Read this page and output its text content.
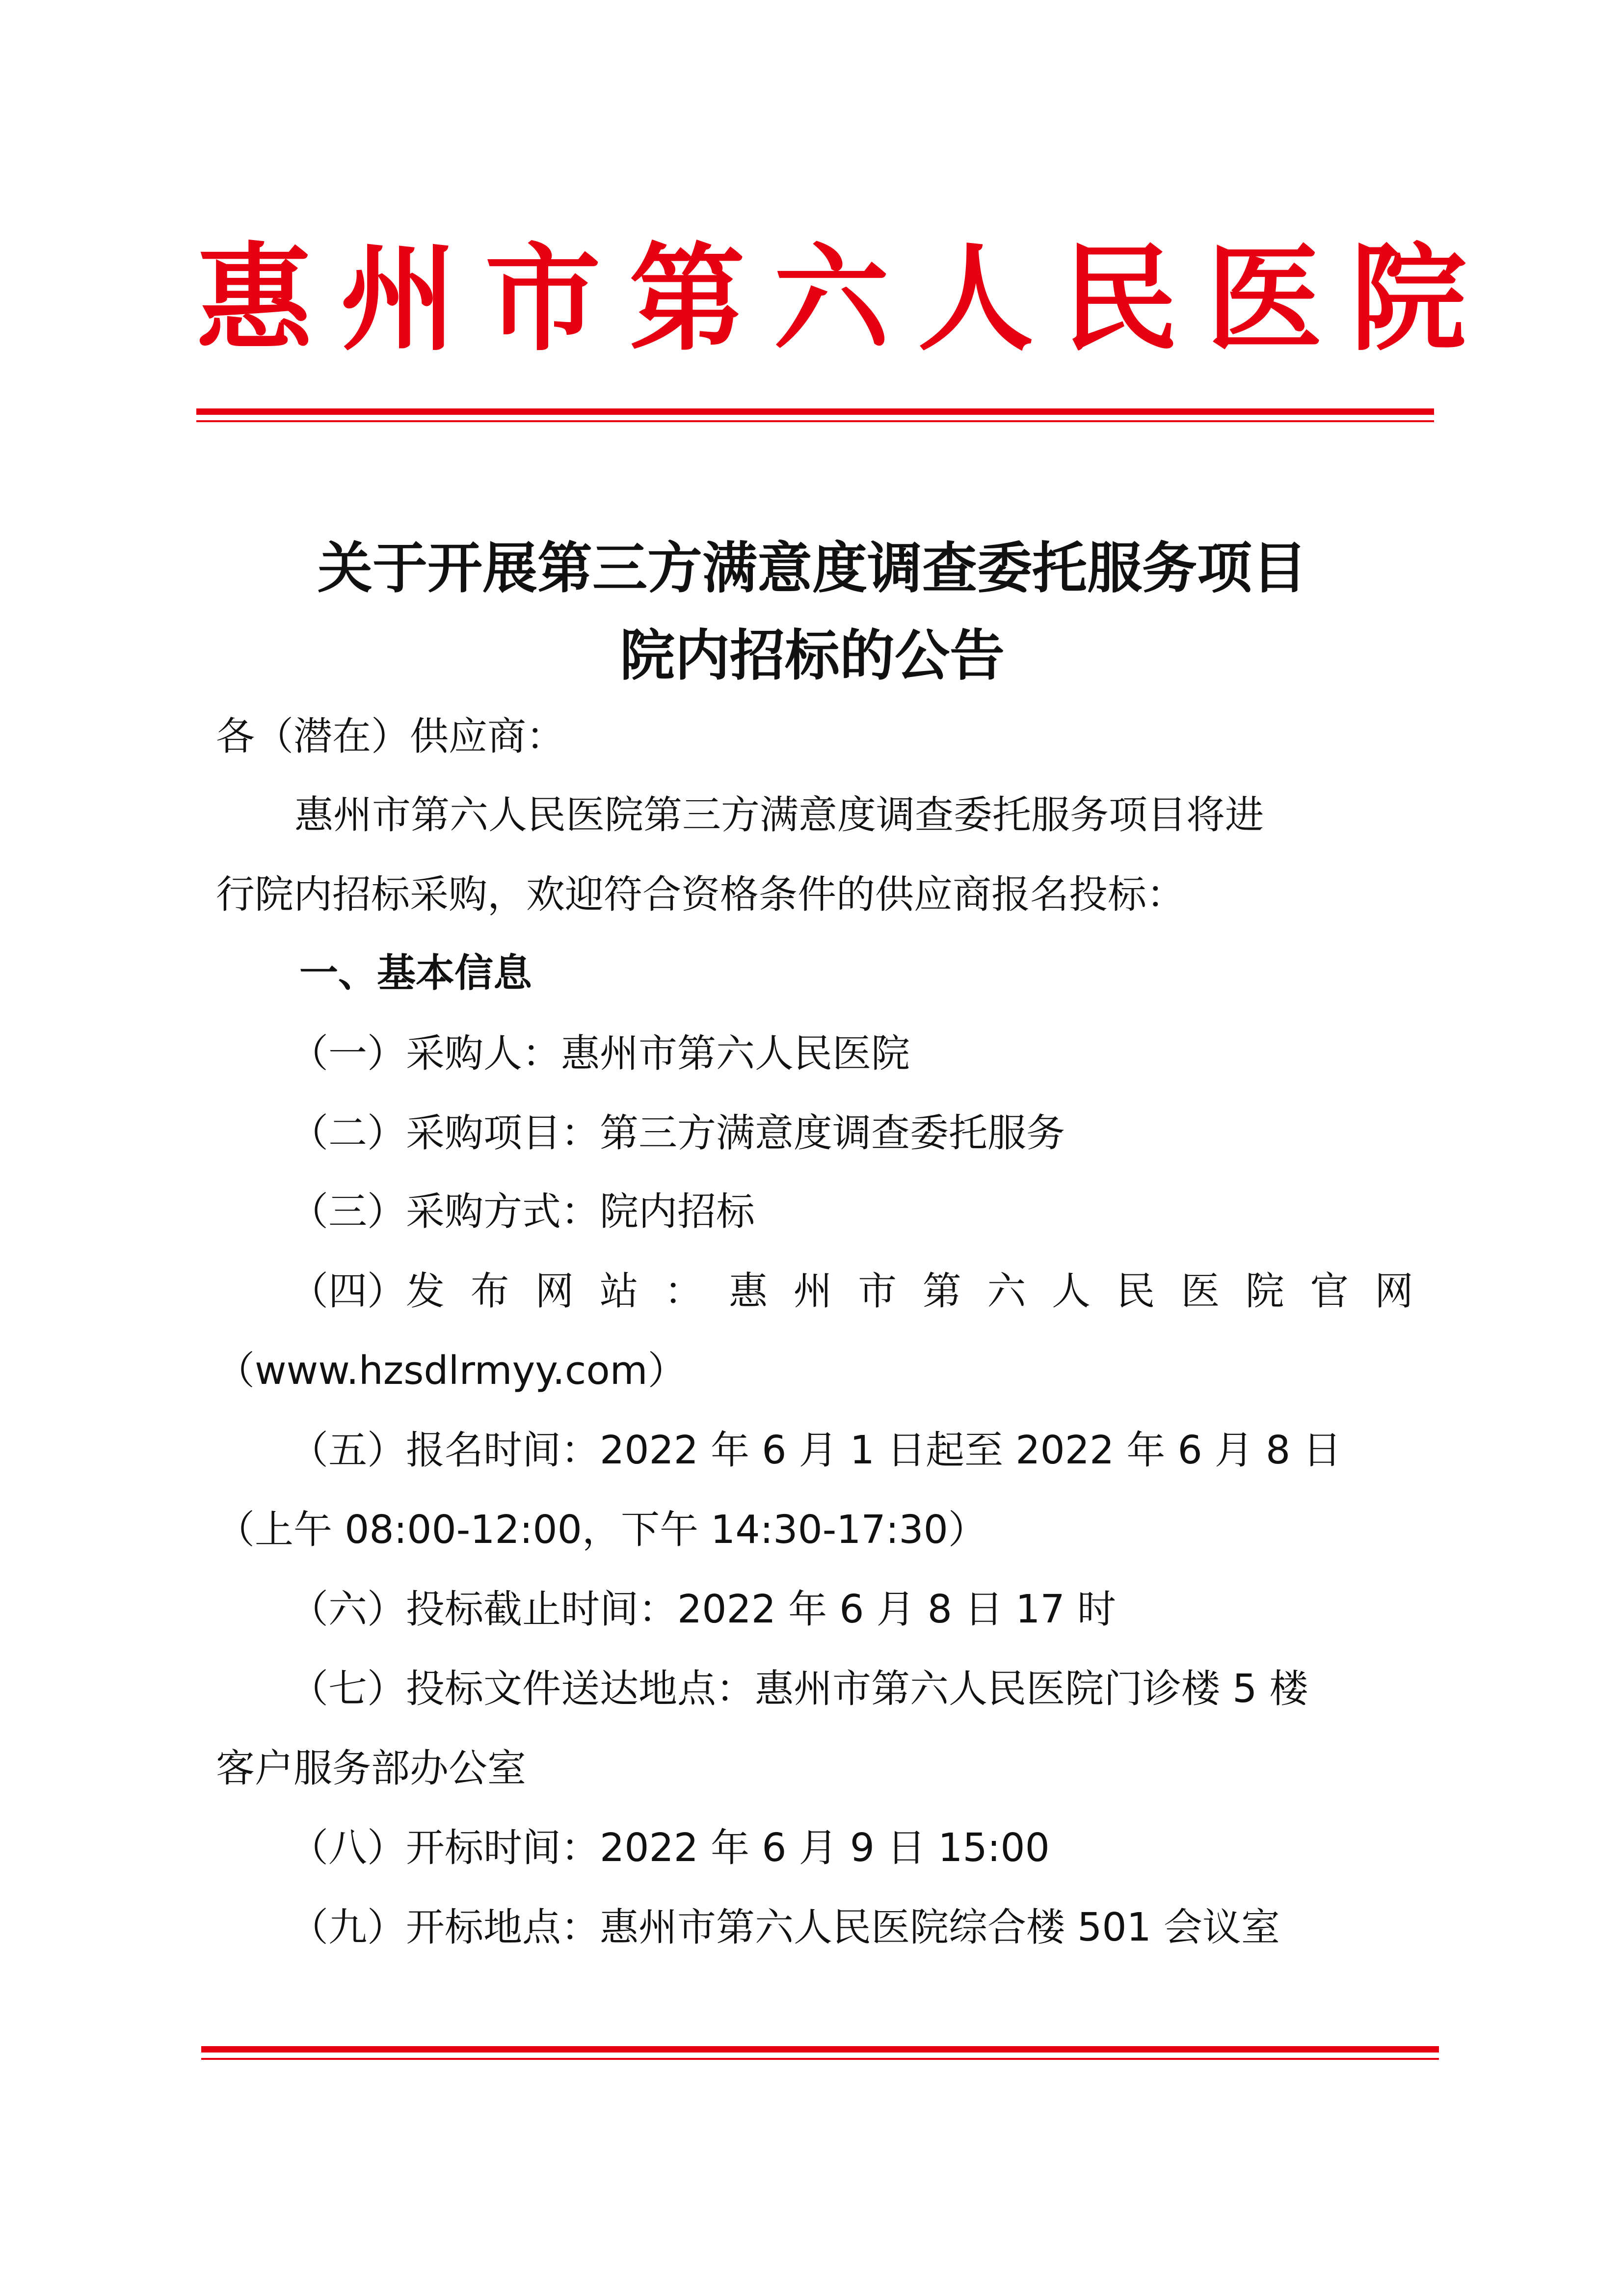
惠州市第六人民医院
关于开展第三方满意度调查委托服务项目
院内招标的公告
各（潜在）供应商：
惠州市第六人民医院第三方满意度调查委托服务项目将进
行院内招标采购，欢迎符合资格条件的供应商报名投标：
一、基本信息
（一）采购人：惠州市第六人民医院
（二）采购项目：第三方满意度调查委托服务
（三）采购方式：院内招标
（四）发 布 网 站 ： 惠 州 市 第 六 人 民 医 院 官 网
（www.hzsdlrmyy.com）
（五）报名时间：2022 年 6 月 1 日起至 2022 年 6 月 8 日
（上午 08:00-12:00，下午 14:30-17:30）
（六）投标截止时间：2022 年 6 月 8 日 17 时
（七）投标文件送达地点：惠州市第六人民医院门诊楼 5 楼
客户服务部办公室
（八）开标时间：2022 年 6 月 9 日 15:00
（九）开标地点：惠州市第六人民医院综合楼 501 会议室
